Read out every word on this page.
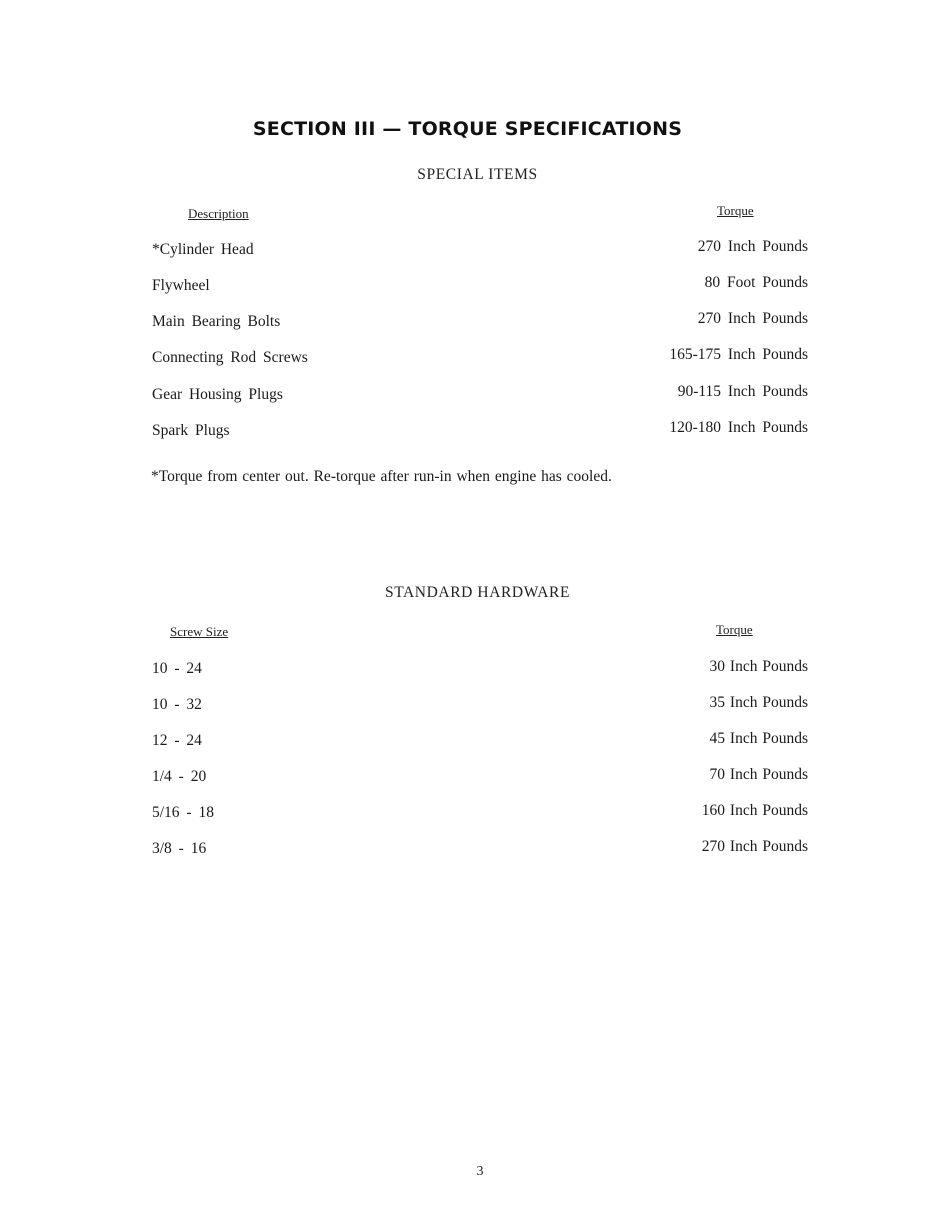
SECTION III — TORQUE SPECIFICATIONS
SPECIAL ITEMS
Description	Torque
*Cylinder Head	270 Inch Pounds
Flywheel	80 Foot Pounds
Main Bearing Bolts	270 Inch Pounds
Connecting Rod Screws	165-175 Inch Pounds
Gear Housing Plugs	90-115 Inch Pounds
Spark Plugs	120-180 Inch Pounds
*Torque from center out. Re-torque after run-in when engine has cooled.
STANDARD HARDWARE
Screw Size	Torque
10 - 24	30 Inch Pounds
10 - 32	35 Inch Pounds
12 - 24	45 Inch Pounds
1/4 - 20	70 Inch Pounds
5/16 - 18	160 Inch Pounds
3/8 - 16	270 Inch Pounds
3
